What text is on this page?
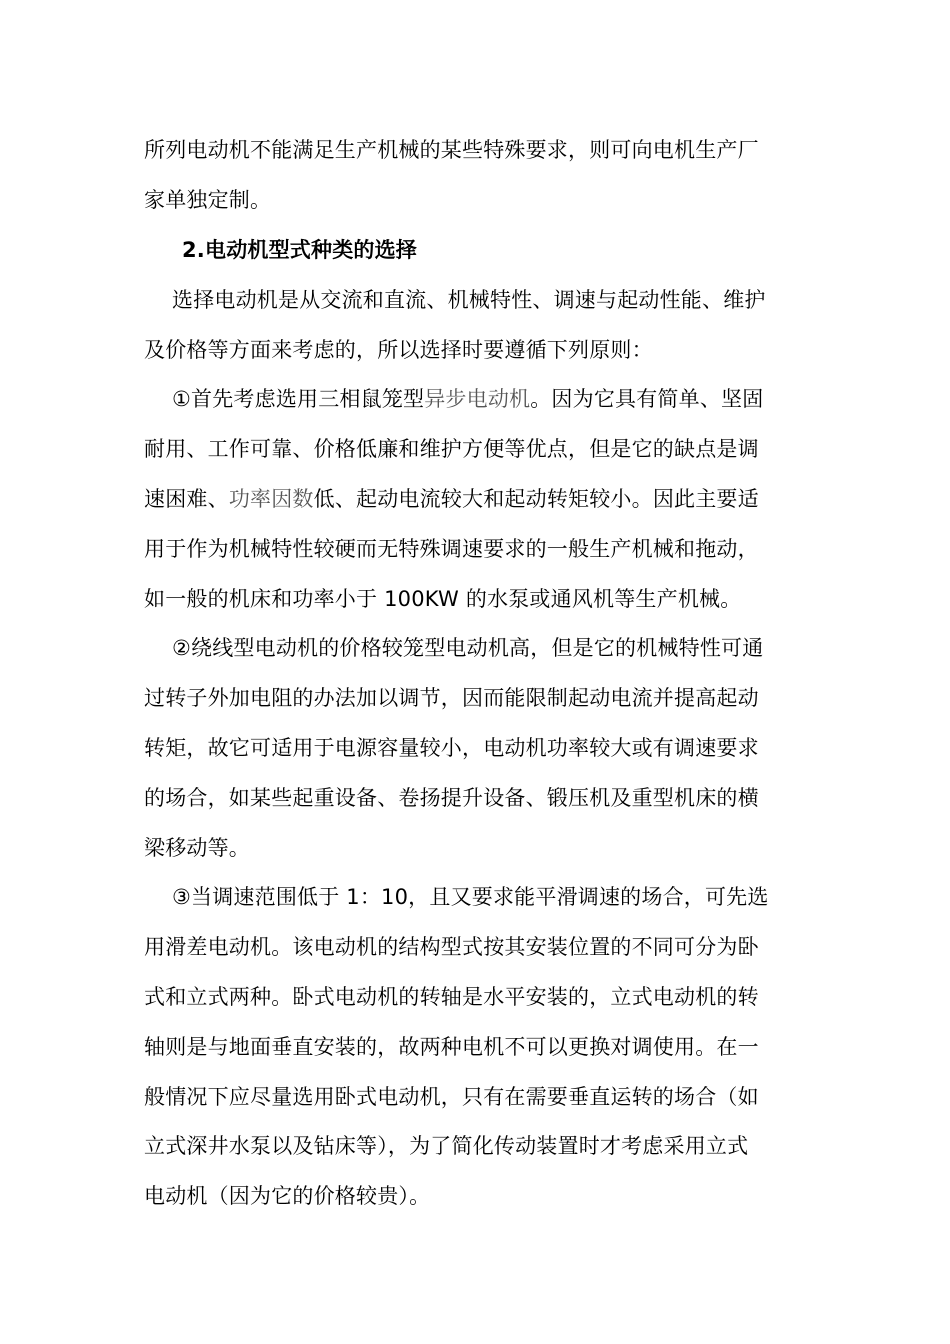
所列电动机不能满足生产机械的某些特殊要求，则可向电机生产厂
家单独定制。
2.电动机型式种类的选择
选择电动机是从交流和直流、机械特性、调速与起动性能、维护
及价格等方面来考虑的，所以选择时要遵循下列原则：
①首先考虑选用三相鼠笼型异步电动机。因为它具有简单、坚固
耐用、工作可靠、价格低廉和维护方便等优点，但是它的缺点是调
速困难、功率因数低、起动电流较大和起动转矩较小。因此主要适
用于作为机械特性较硬而无特殊调速要求的一般生产机械和拖动，
如一般的机床和功率小于 100KW 的水泵或通风机等生产机械。
②绕线型电动机的价格较笼型电动机高，但是它的机械特性可通
过转子外加电阻的办法加以调节，因而能限制起动电流并提高起动
转矩，故它可适用于电源容量较小，电动机功率较大或有调速要求
的场合，如某些起重设备、卷扬提升设备、锻压机及重型机床的横
梁移动等。
③当调速范围低于 1：10，且又要求能平滑调速的场合，可先选
用滑差电动机。该电动机的结构型式按其安装位置的不同可分为卧
式和立式两种。卧式电动机的转轴是水平安装的，立式电动机的转
轴则是与地面垂直安装的，故两种电机不可以更换对调使用。在一
般情况下应尽量选用卧式电动机，只有在需要垂直运转的场合（如
立式深井水泵以及钻床等），为了简化传动装置时才考虑采用立式
电动机（因为它的价格较贵）。
